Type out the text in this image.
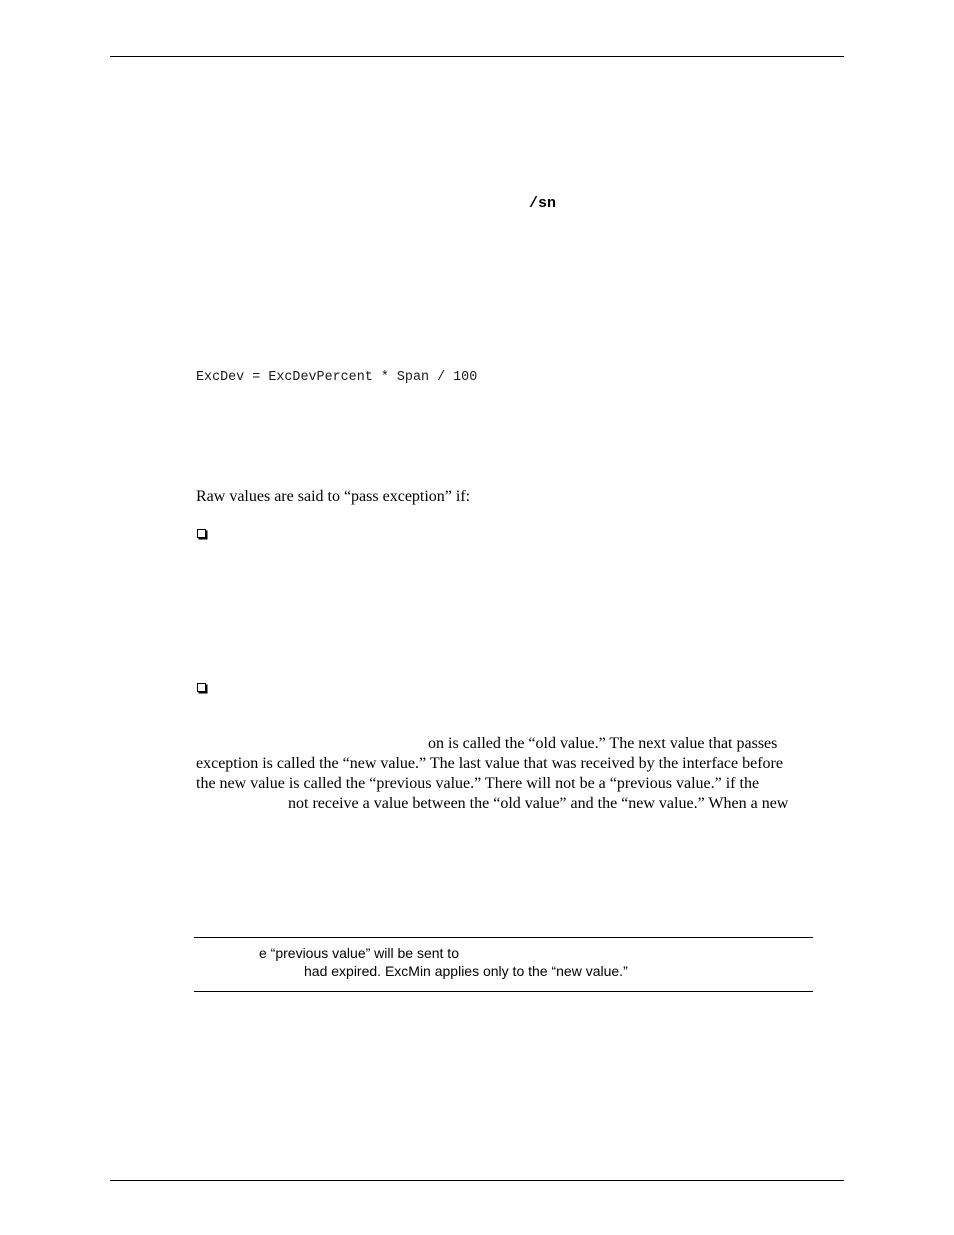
/sn
ExcDev = ExcDevPercent * Span / 100
Raw values are said to “pass exception” if:
on is called the “old value.” The next value that passes
exception is called the “new value.” The last value that was received by the interface before
the new value is called the “previous value.” There will not be a “previous value.” if the
not receive a value between the “old value” and the “new value.” When a new
e “previous value” will be sent to
had expired. ExcMin applies only to the “new value.”
